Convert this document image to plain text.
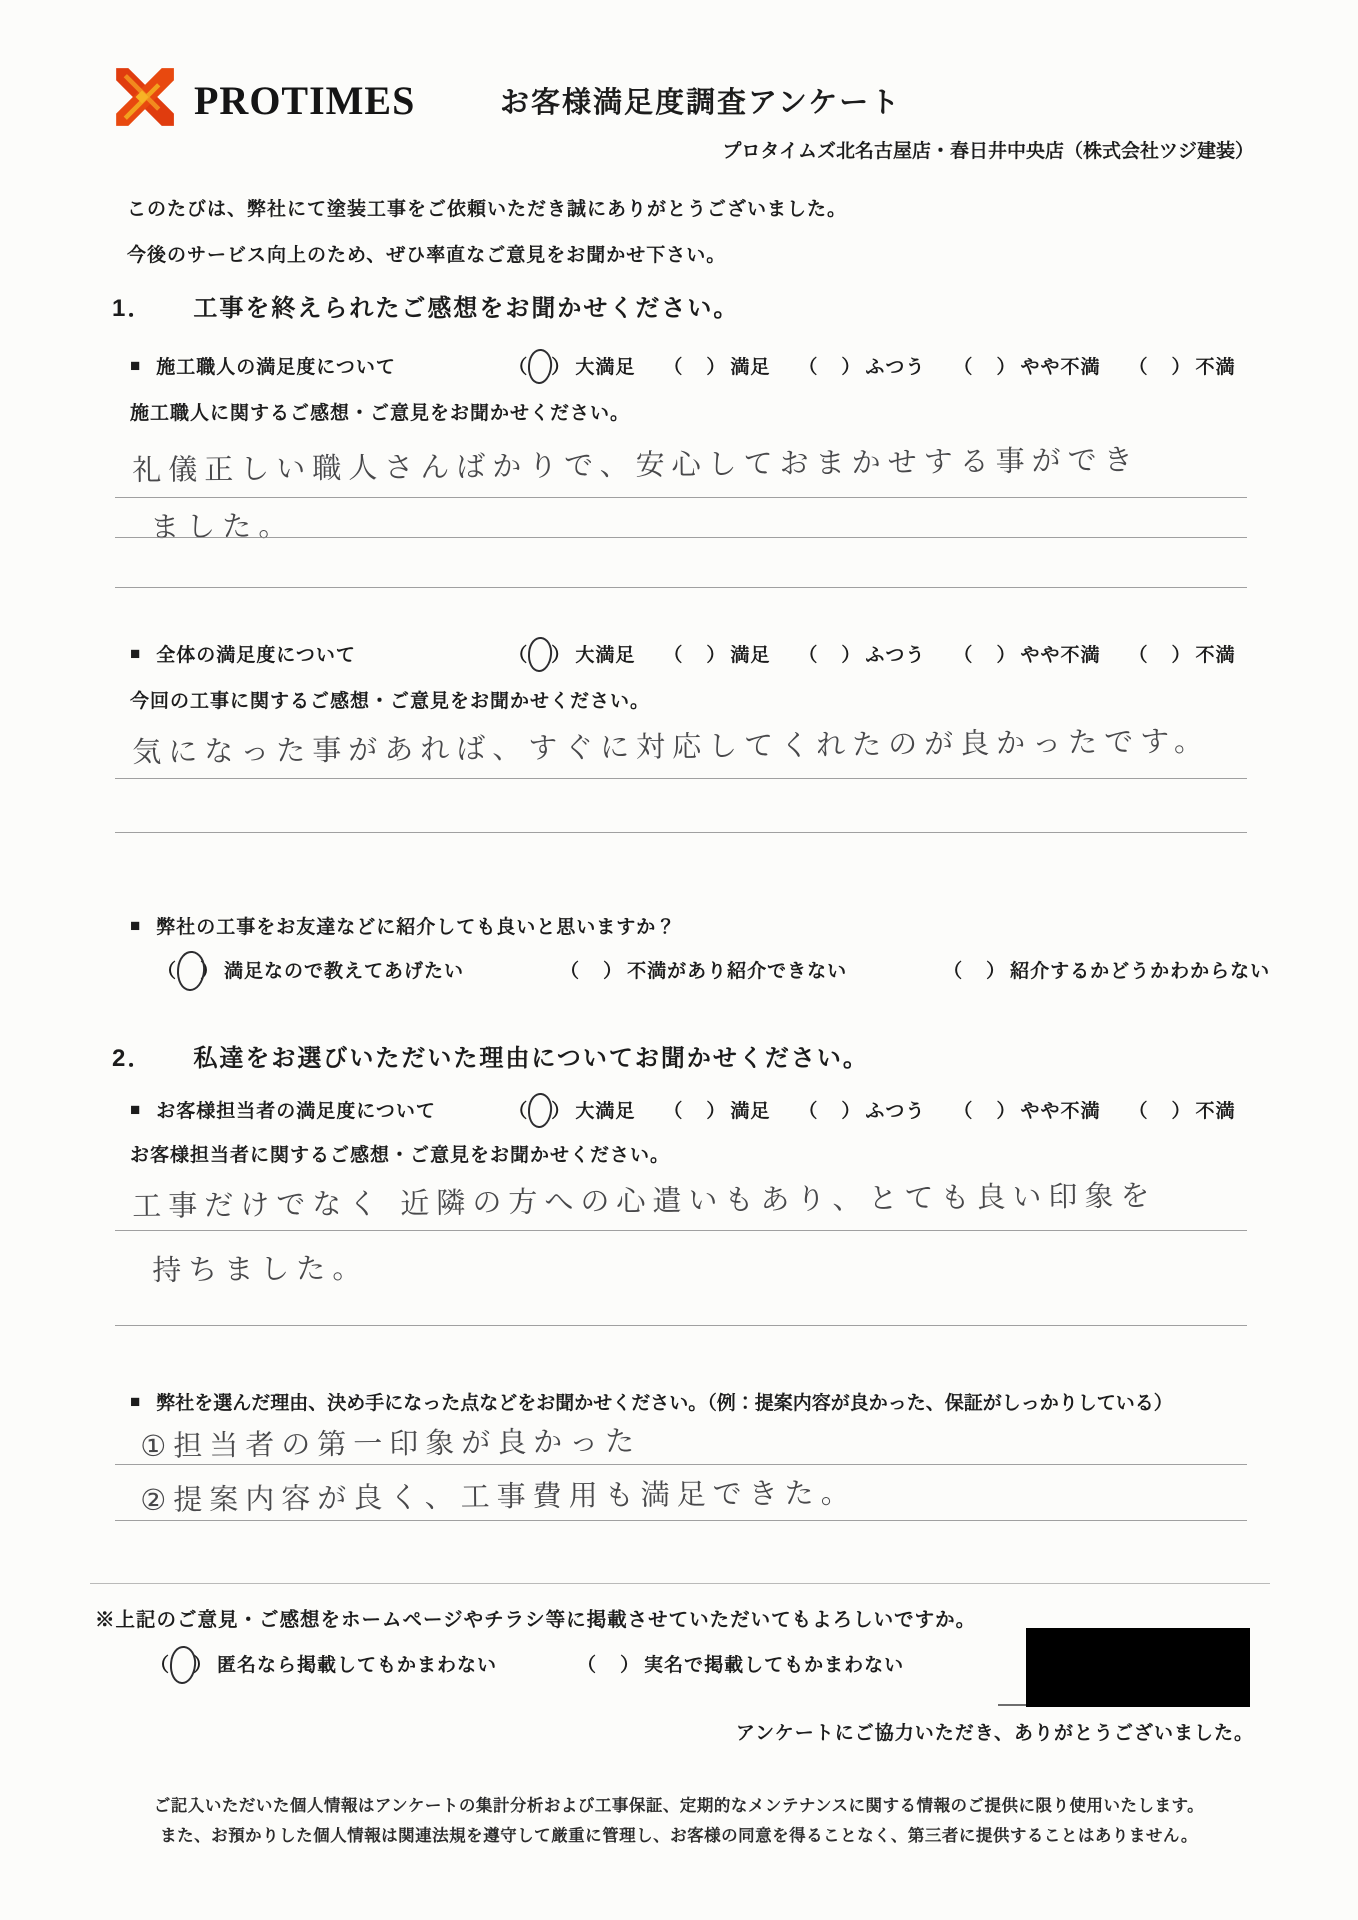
PROTIMES	お客様満足度調査アンケート
プロタイムズ北名古屋店・春日井中央店（株式会社ツジ建装）
このたびは、弊社にて塗装工事をご依頼いただき誠にありがとうございました。
今後のサービス向上のため、ぜひ率直なご意見をお聞かせ下さい。
1． 工事を終えられたご感想をお聞かせください。
■ 施工職人の満足度について	（ ） 大満足 （ ） 満足 （ ） ふつう （ ） やや不満 （ ） 不満
施工職人に関するご感想・ご意見をお聞かせください。
礼儀正しい職人さんばかりで、安心しておまかせする事ができ
ました。
■ 全体の満足度について	（ ） 大満足 （ ） 満足 （ ） ふつう （ ） やや不満 （ ） 不満
今回の工事に関するご感想・ご意見をお聞かせください。
気になった事があれば、すぐに対応してくれたのが良かったです。
■ 弊社の工事をお友達などに紹介しても良いと思いますか？
（ ） 満足なので教えてあげたい	（ ） 不満があり紹介できない	（ ） 紹介するかどうかわからない
2． 私達をお選びいただいた理由についてお聞かせください。
■ お客様担当者の満足度について	（ ） 大満足 （ ） 満足 （ ） ふつう （ ） やや不満 （ ） 不満
お客様担当者に関するご感想・ご意見をお聞かせください。
工事だけでなく 近隣の方への心遣いもあり、とても良い印象を
持ちました。
■ 弊社を選んだ理由、決め手になった点などをお聞かせください。（例：提案内容が良かった、保証がしっかりしている）
①担当者の第一印象が良かった
②提案内容が良く、工事費用も満足できた。
※上記のご意見・ご感想をホームページやチラシ等に掲載させていただいてもよろしいですか。
（ ） 匿名なら掲載してもかまわない	（ ） 実名で掲載してもかまわない
アンケートにご協力いただき、ありがとうございました。
ご記入いただいた個人情報はアンケートの集計分析および工事保証、定期的なメンテナンスに関する情報のご提供に限り使用いたします。
また、お預かりした個人情報は関連法規を遵守して厳重に管理し、お客様の同意を得ることなく、第三者に提供することはありません。
